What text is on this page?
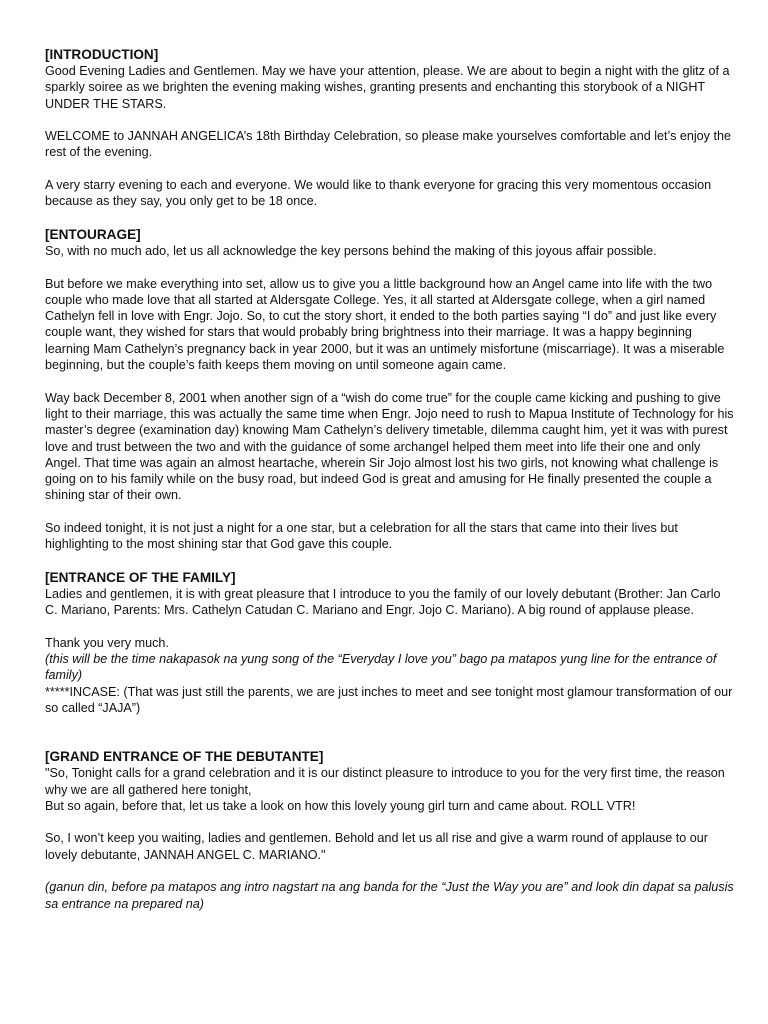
[INTRODUCTION]

Good Evening Ladies and Gentlemen. May we have your attention, please. We are about to begin a night with the glitz of a sparkly soiree as we brighten the evening making wishes, granting presents and enchanting this storybook of a NIGHT UNDER THE STARS.

WELCOME to JANNAH ANGELICA’s 18th Birthday Celebration, so please make yourselves comfortable and let’s enjoy the rest of the evening.

A very starry evening to each and everyone. We would like to thank everyone for gracing this very momentous occasion because as they say, you only get to be 18 once.

[ENTOURAGE]

So, with no much ado, let us all acknowledge the key persons behind the making of this joyous affair possible.

But before we make everything into set, allow us to give you a little background how an Angel came into life with the two couple who made love that all started at Aldersgate College. Yes, it all started at Aldersgate college, when a girl named Cathelyn fell in love with Engr. Jojo. So, to cut the story short, it ended to the both parties saying “I do” and just like every couple want, they wished for stars that would probably bring brightness into their marriage. It was a happy beginning learning Mam Cathelyn’s pregnancy back in year 2000, but it was an untimely misfortune (miscarriage). It was a miserable beginning, but the couple’s faith keeps them moving on until someone again came.

Way back December 8, 2001 when another sign of a “wish do come true” for the couple came kicking and pushing to give light to their marriage, this was actually the same time when Engr. Jojo need to rush to Mapua Institute of Technology for his master’s degree (examination day) knowing Mam Cathelyn’s delivery timetable, dilemma caught him, yet it was with purest love and trust between the two and with the guidance of some archangel helped them meet into life their one and only Angel. That time was again an almost heartache, wherein Sir Jojo almost lost his two girls, not knowing what challenge is going on to his family while on the busy road, but indeed God is great and amusing for He finally presented the couple a shining star of their own.

So indeed tonight, it is not just a night for a one star, but a celebration for all the stars that came into their lives but highlighting to the most shining star that God gave this couple.

[ENTRANCE OF THE FAMILY]

Ladies and gentlemen, it is with great pleasure that I introduce to you the family of our lovely debutant (Brother: Jan Carlo C. Mariano, Parents: Mrs. Cathelyn Catudan C. Mariano and Engr. Jojo C. Mariano). A big round of applause please.

Thank you very much.

(this will be the time nakapasok na yung song of the “Everyday I love you” bago pa matapos yung line for the entrance of family)

*****INCASE: (That was just still the parents, we are just inches to meet and see tonight most glamour transformation of our so called “JAJA”)

[GRAND ENTRANCE OF THE DEBUTANTE]

"So, Tonight calls for a grand celebration and it is our distinct pleasure to introduce to you for the very first time, the reason why we are all gathered here tonight,

But so again, before that, let us take a look on how this lovely young girl turn and came about. ROLL VTR!

So, I won’t keep you waiting, ladies and gentlemen. Behold and let us all rise and give a warm round of applause to our lovely debutante, JANNAH ANGEL C. MARIANO."

(ganun din, before pa matapos ang intro nagstart na ang banda for the “Just the Way you are” and look din dapat sa palusis sa entrance na prepared na)
